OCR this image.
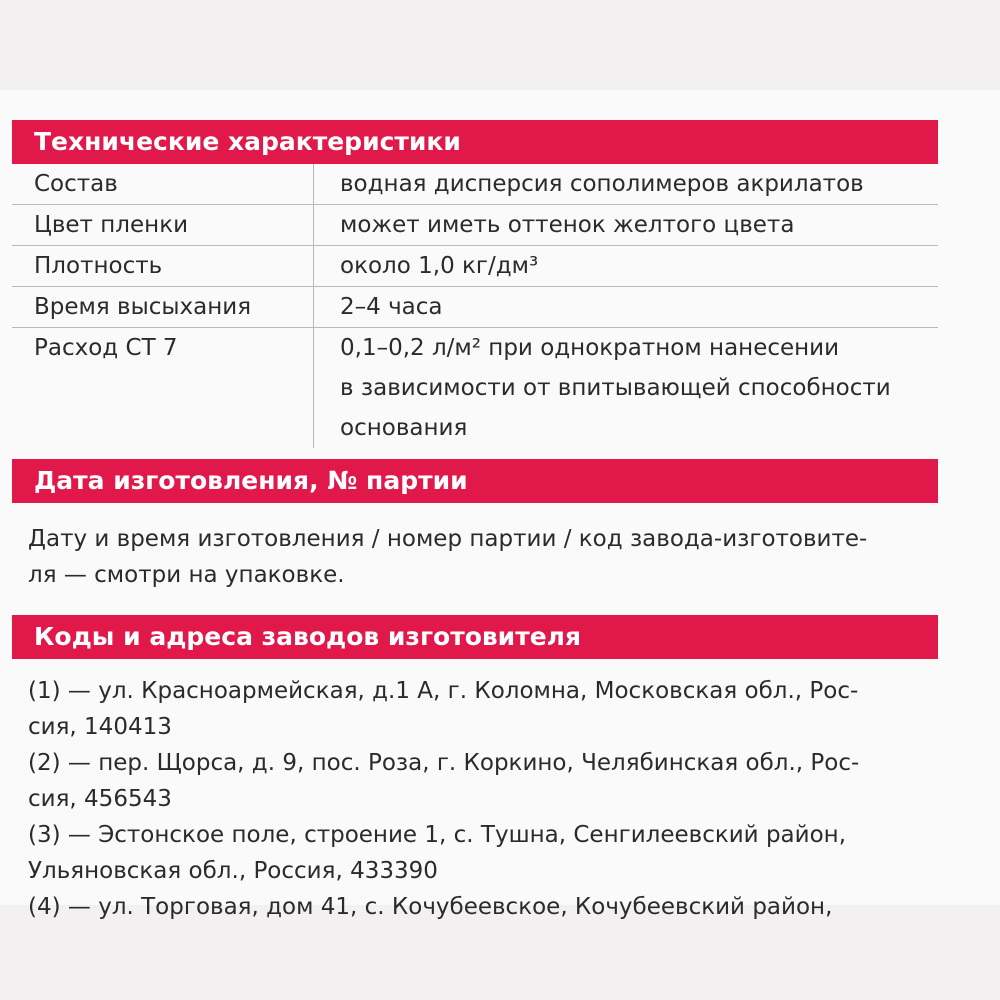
Технические характеристики
Состав	водная дисперсия сополимеров акрилатов
Цвет пленки	может иметь оттенок желтого цвета
Плотность	около 1,0 кг/дм³
Время высыхания	2–4 часа
Расход СТ 7	0,1–0,2 л/м² при однократном нанесении
в зависимости от впитывающей способности
основания
Дата изготовления, № партии
Дату и время изготовления / номер партии / код завода-изготовите-
ля — смотри на упаковке.
Коды и адреса заводов изготовителя
(1) — ул. Красноармейская, д.1 А, г. Коломна, Московская обл., Рос-
сия, 140413
(2) — пер. Щорса, д. 9, пос. Роза, г. Коркино, Челябинская обл., Рос-
сия, 456543
(3) — Эстонское поле, строение 1, с. Тушна, Сенгилеевский район,
Ульяновская обл., Россия, 433390
(4) — ул. Торговая, дом 41, с. Кочубеевское, Кочубеевский район,
